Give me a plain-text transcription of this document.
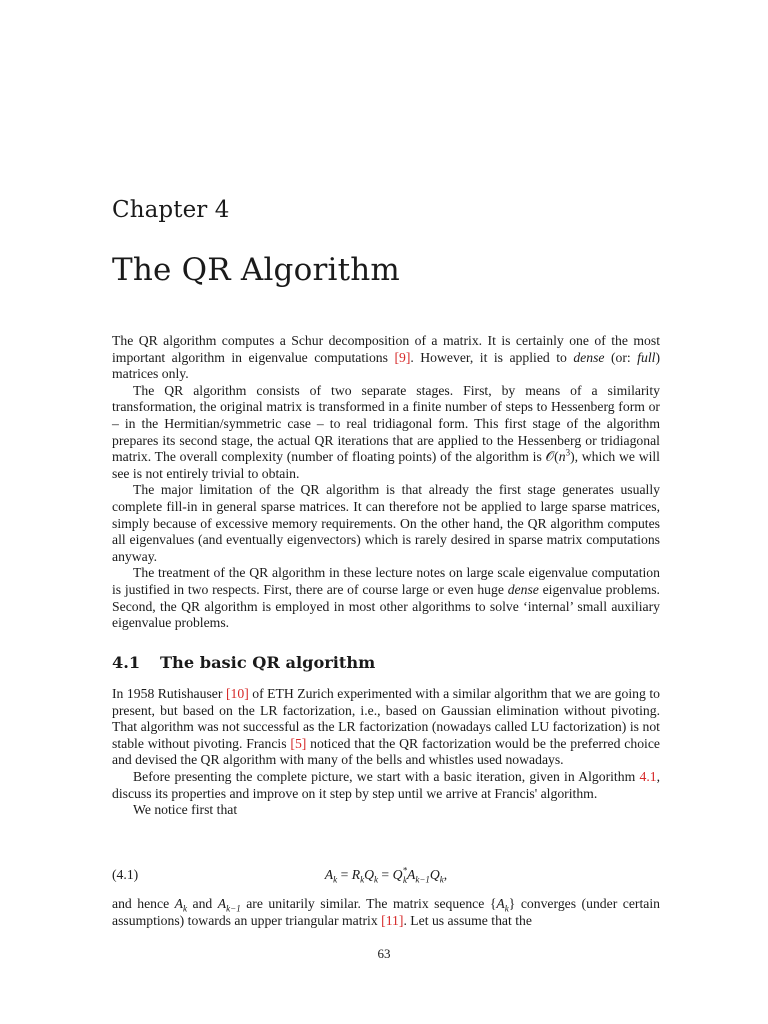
Chapter 4
The QR Algorithm

The QR algorithm computes a Schur decomposition of a matrix. It is certainly one of the most important algorithm in eigenvalue computations [9]. However, it is applied to dense (or: full) matrices only.

The QR algorithm consists of two separate stages. First, by means of a similarity transformation, the original matrix is transformed in a finite number of steps to Hessenberg form or – in the Hermitian/symmetric case – to real tridiagonal form. This first stage of the algorithm prepares its second stage, the actual QR iterations that are applied to the Hessenberg or tridiagonal matrix. The overall complexity (number of floating points) of the algorithm is $𝒪(n^3)$, which we will see is not entirely trivial to obtain.

The major limitation of the QR algorithm is that already the first stage generates usually complete fill-in in general sparse matrices. It can therefore not be applied to large sparse matrices, simply because of excessive memory requirements. On the other hand, the QR algorithm computes all eigenvalues (and eventually eigenvectors) which is rarely desired in sparse matrix computations anyway.

The treatment of the QR algorithm in these lecture notes on large scale eigenvalue computation is justified in two respects. First, there are of course large or even huge dense eigenvalue problems. Second, the QR algorithm is employed in most other algorithms to solve ‘internal’ small auxiliary eigenvalue problems.

4.1 The basic QR algorithm

In 1958 Rutishauser [10] of ETH Zurich experimented with a similar algorithm that we are going to present, but based on the LR factorization, i.e., based on Gaussian elimination without pivoting. That algorithm was not successful as the LR factorization (nowadays called LU factorization) is not stable without pivoting. Francis [5] noticed that the QR factorization would be the preferred choice and devised the QR algorithm with many of the bells and whistles used nowadays.

Before presenting the complete picture, we start with a basic iteration, given in Algorithm 4.1, discuss its properties and improve on it step by step until we arrive at Francis' algorithm.

We notice first that

(4.1)	$A_k = R_kQ_k = Q^*_kA_{k-1}Q_k$,

and hence $A_k$ and $A_{k-1}$ are unitarily similar. The matrix sequence $\{A_k\}$ converges (under certain assumptions) towards an upper triangular matrix [11]. Let us assume that the

63
